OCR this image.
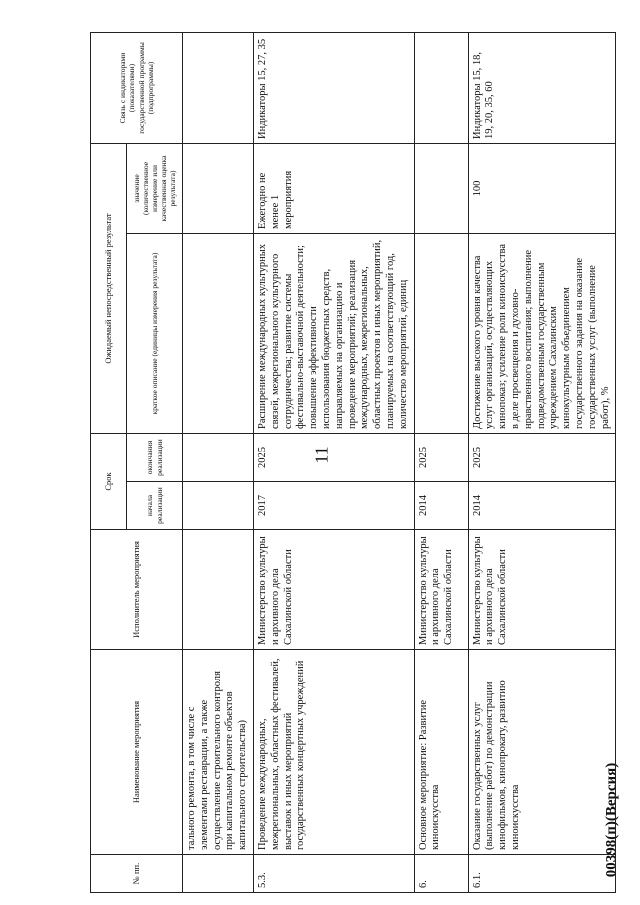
11
00398(п)(Версия)
№ пп.	Наименование мероприятия	Исполнитель мероприятия	Срок		Ожидаемый непосредственный результат		Связь с индикаторами (показателями) государственной программы (подпрограммы)
			начала реализации	окончания реализации	краткое описание (единицы измерения результата)	значение (количественное измерение или качественная оценка результата)	
	тального ремонта, в том числе с элементами реставрации, а также осуществление строительного контроля при капитальном ремонте объектов капитального строительства)						
5.3.	Проведение международных, межрегиональных, областных фестивалей, выставок и иных мероприятий государственных концертных учреждений	Министерство культуры и архивного дела Сахалинской области	2017	2025	Расширение международных культурных связей, межрегионального культурного сотрудничества; развитие системы фестивально-выставочной деятельности; повышение эффективности использования бюджетных средств, направляемых на организацию и проведение мероприятий; реализация международных, межрегиональных, областных проектов и иных мероприятий, планируемых на соответствующий год, количество мероприятий, единиц	Ежегодно не менее 1 мероприятия	Индикаторы 15, 27, 35
6.	Основное мероприятие: Развитие киноискусства	Министерство культуры и архивного дела Сахалинской области	2014	2025			
6.1.	Оказание государственных услуг (выполнение работ) по демонстрации кинофильмов, кинопрокату, развитию киноискусства	Министерство культуры и архивного дела Сахалинской области	2014	2025	Достижение высокого уровня качества услуг организаций, осуществляющих кинопоказ; усиление роли киноискусства в деле просвещения и духовно-нравственного воспитания; выполнение подведомственным государственным учреждением Сахалинским кинокультурным объединением государственного задания на оказание государственных услуг (выполнение работ), %	100	Индикаторы 15, 18, 19, 20, 35, 60
